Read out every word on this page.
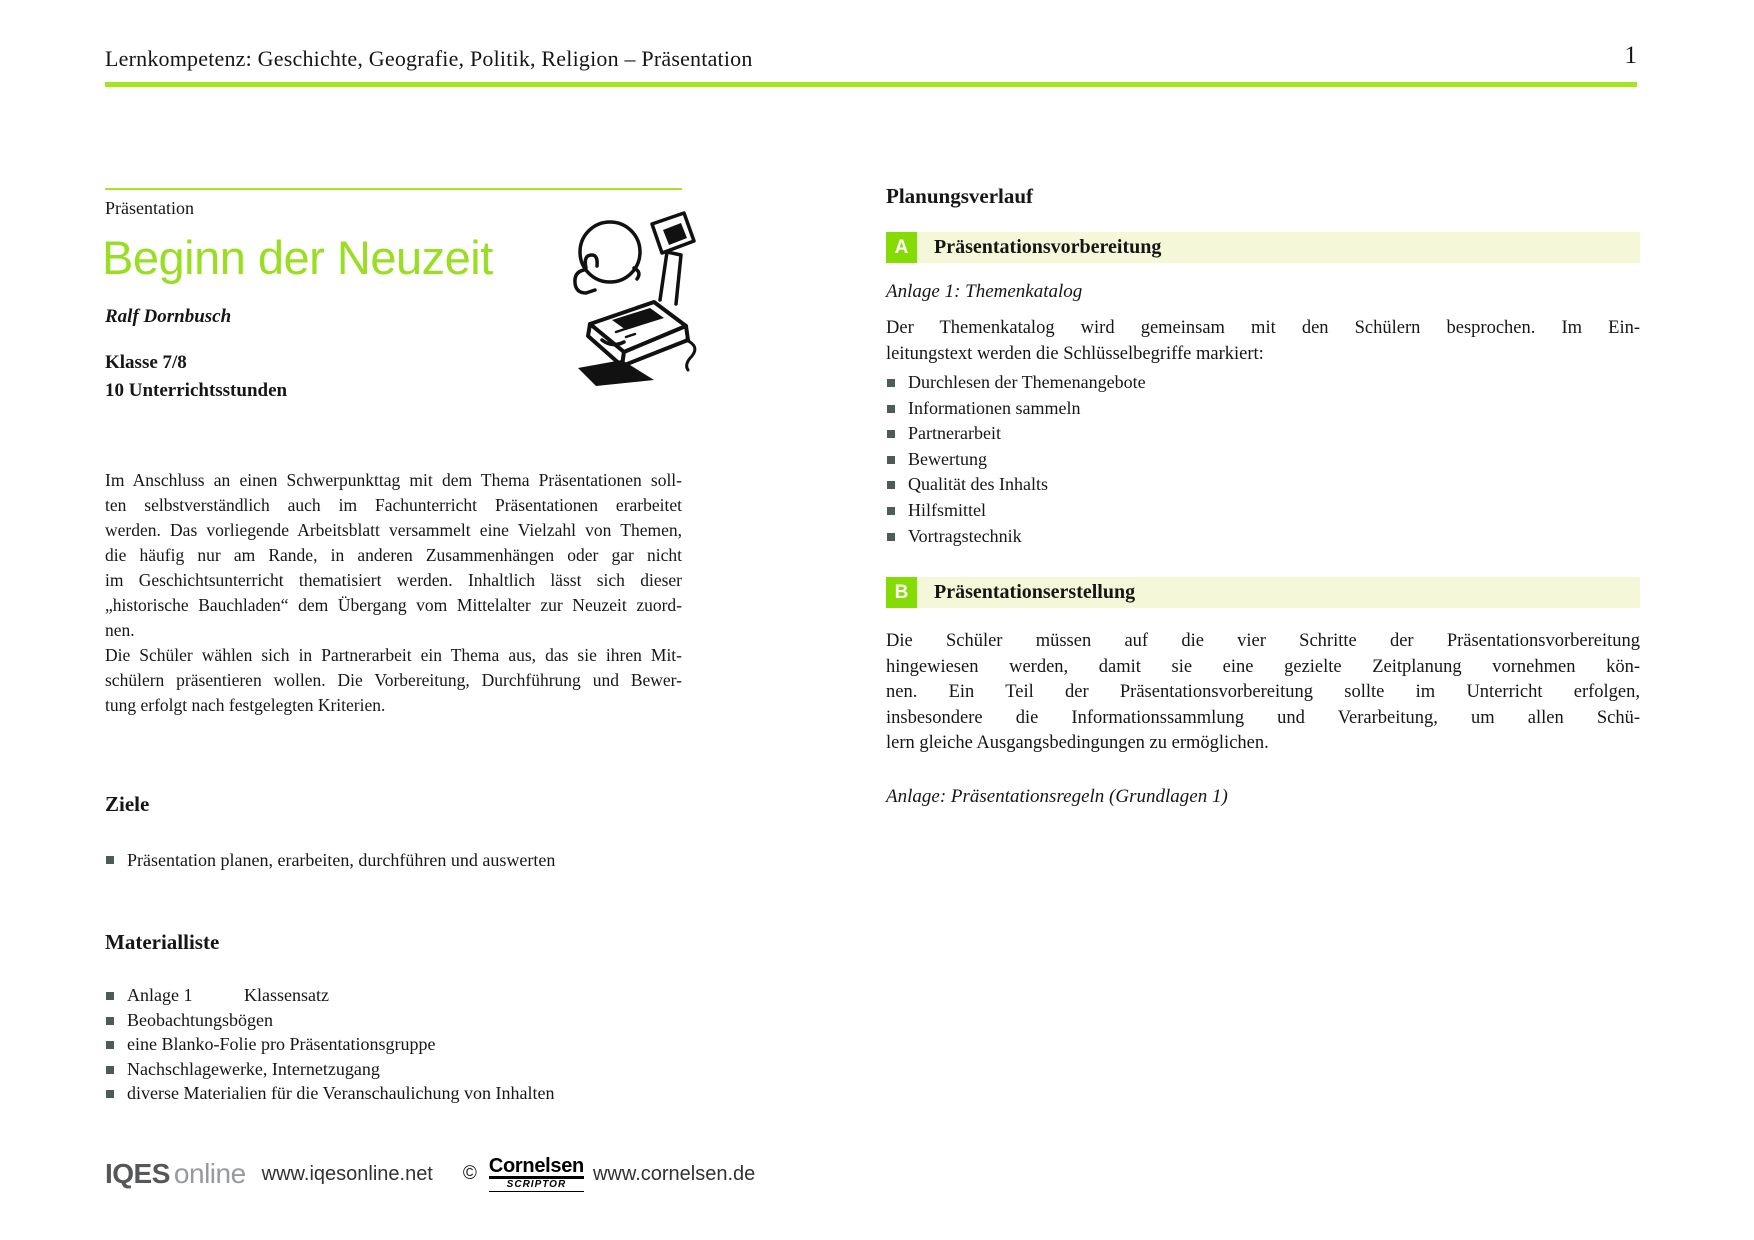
Lernkompetenz: Geschichte, Geografie, Politik, Religion – Präsentation	1
Präsentation
Beginn der Neuzeit
Ralf Dornbusch
Klasse 7/8
10 Unterrichtsstunden
Im Anschluss an einen Schwerpunkttag mit dem Thema Präsentationen soll-
ten selbstverständlich auch im Fachunterricht Präsentationen erarbeitet
werden. Das vorliegende Arbeitsblatt versammelt eine Vielzahl von Themen,
die häufig nur am Rande, in anderen Zusammenhängen oder gar nicht
im Geschichtsunterricht thematisiert werden. Inhaltlich lässt sich dieser
„historische Bauchladen“ dem Übergang vom Mittelalter zur Neuzeit zuord-
nen.
Die Schüler wählen sich in Partnerarbeit ein Thema aus, das sie ihren Mit-
schülern präsentieren wollen. Die Vorbereitung, Durchführung und Bewer-
tung erfolgt nach festgelegten Kriterien.
Ziele
Präsentation planen, erarbeiten, durchführen und auswerten
Materialliste
Anlage 1	Klassensatz
Beobachtungsbögen
eine Blanko-Folie pro Präsentationsgruppe
Nachschlagewerke, Internetzugang
diverse Materialien für die Veranschaulichung von Inhalten
Planungsverlauf
A	Präsentationsvorbereitung
Anlage 1: Themenkatalog
Der Themenkatalog wird gemeinsam mit den Schülern besprochen. Im Ein-
leitungstext werden die Schlüsselbegriffe markiert:
Durchlesen der Themenangebote
Informationen sammeln
Partnerarbeit
Bewertung
Qualität des Inhalts
Hilfsmittel
Vortragstechnik
B	Präsentationserstellung
Die Schüler müssen auf die vier Schritte der Präsentationsvorbereitung
hingewiesen werden, damit sie eine gezielte Zeitplanung vornehmen kön-
nen. Ein Teil der Präsentationsvorbereitung sollte im Unterricht erfolgen,
insbesondere die Informationssammlung und Verarbeitung, um allen Schü-
lern gleiche Ausgangsbedingungen zu ermöglichen.
Anlage: Präsentationsregeln (Grundlagen 1)
IQES online www.iqesonline.net © Cornelsen
SCRIPTOR	www.cornelsen.de
